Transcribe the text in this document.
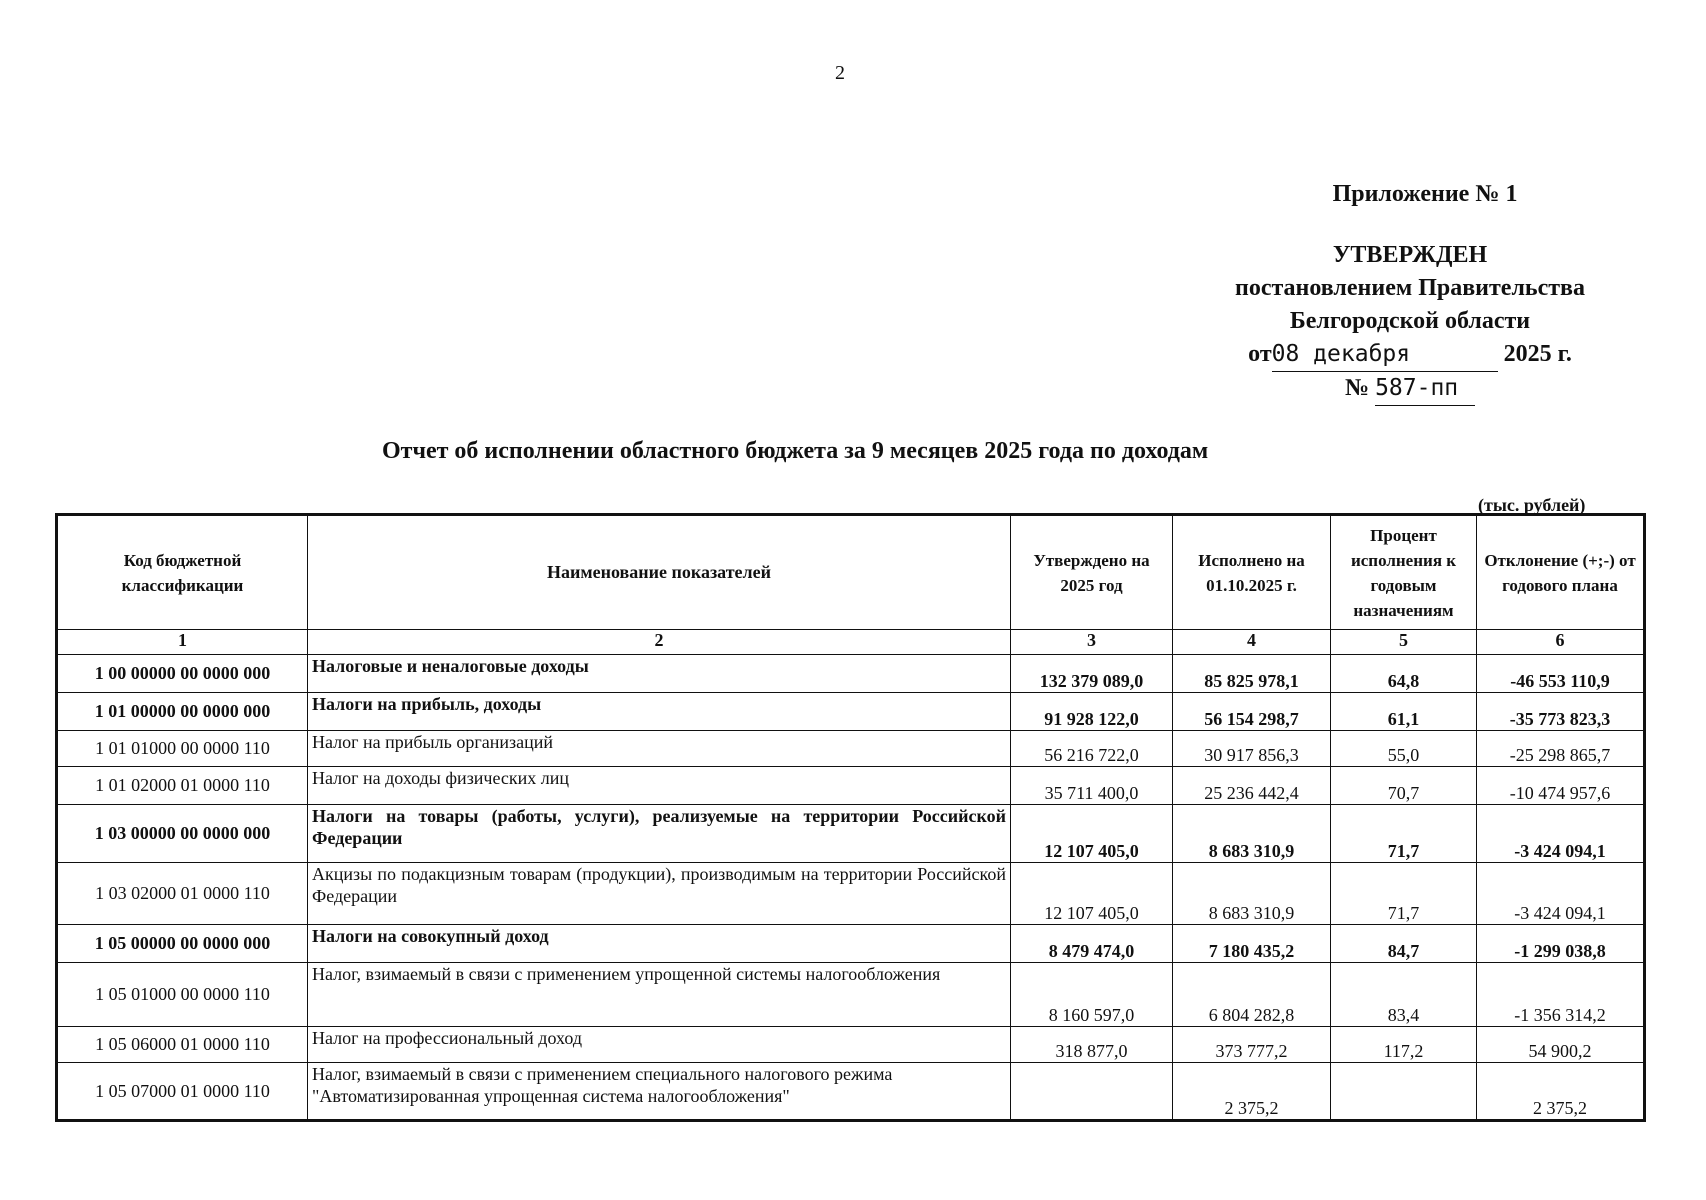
2
Приложение № 1
УТВЕРЖДЕН
постановлением Правительства
Белгородской области
от08 декабря	2025 г.
№ 587-пп
Отчет об исполнении областного бюджета за 9 месяцев 2025 года по доходам
(тыс. рублей)
Код бюджетной классификации	Наименование показателей	Утверждено на 2025 год	Исполнено на 01.10.2025 г.	Процент исполнения к годовым назначениям	Отклонение (+;-) от годового плана
1	2	3	4	5	6
1 00 00000 00 0000 000	Налоговые и неналоговые доходы	132 379 089,0	85 825 978,1	64,8	-46 553 110,9
1 01 00000 00 0000 000	Налоги на прибыль, доходы	91 928 122,0	56 154 298,7	61,1	-35 773 823,3
1 01 01000 00 0000 110	Налог на прибыль организаций	56 216 722,0	30 917 856,3	55,0	-25 298 865,7
1 01 02000 01 0000 110	Налог на доходы физических лиц	35 711 400,0	25 236 442,4	70,7	-10 474 957,6
1 03 00000 00 0000 000	Налоги на товары (работы, услуги), реализуемые на территории Российской Федерации	12 107 405,0	8 683 310,9	71,7	-3 424 094,1
1 03 02000 01 0000 110	Акцизы по подакцизным товарам (продукции), производимым на территории Российской Федерации	12 107 405,0	8 683 310,9	71,7	-3 424 094,1
1 05 00000 00 0000 000	Налоги на совокупный доход	8 479 474,0	7 180 435,2	84,7	-1 299 038,8
1 05 01000 00 0000 110	Налог, взимаемый в связи с применением упрощенной системы налогообложения	8 160 597,0	6 804 282,8	83,4	-1 356 314,2
1 05 06000 01 0000 110	Налог на профессиональный доход	318 877,0	373 777,2	117,2	54 900,2
1 05 07000 01 0000 110	Налог, взимаемый в связи с применением специального налогового режима "Автоматизированная упрощенная система налогообложения"		2 375,2		2 375,2
